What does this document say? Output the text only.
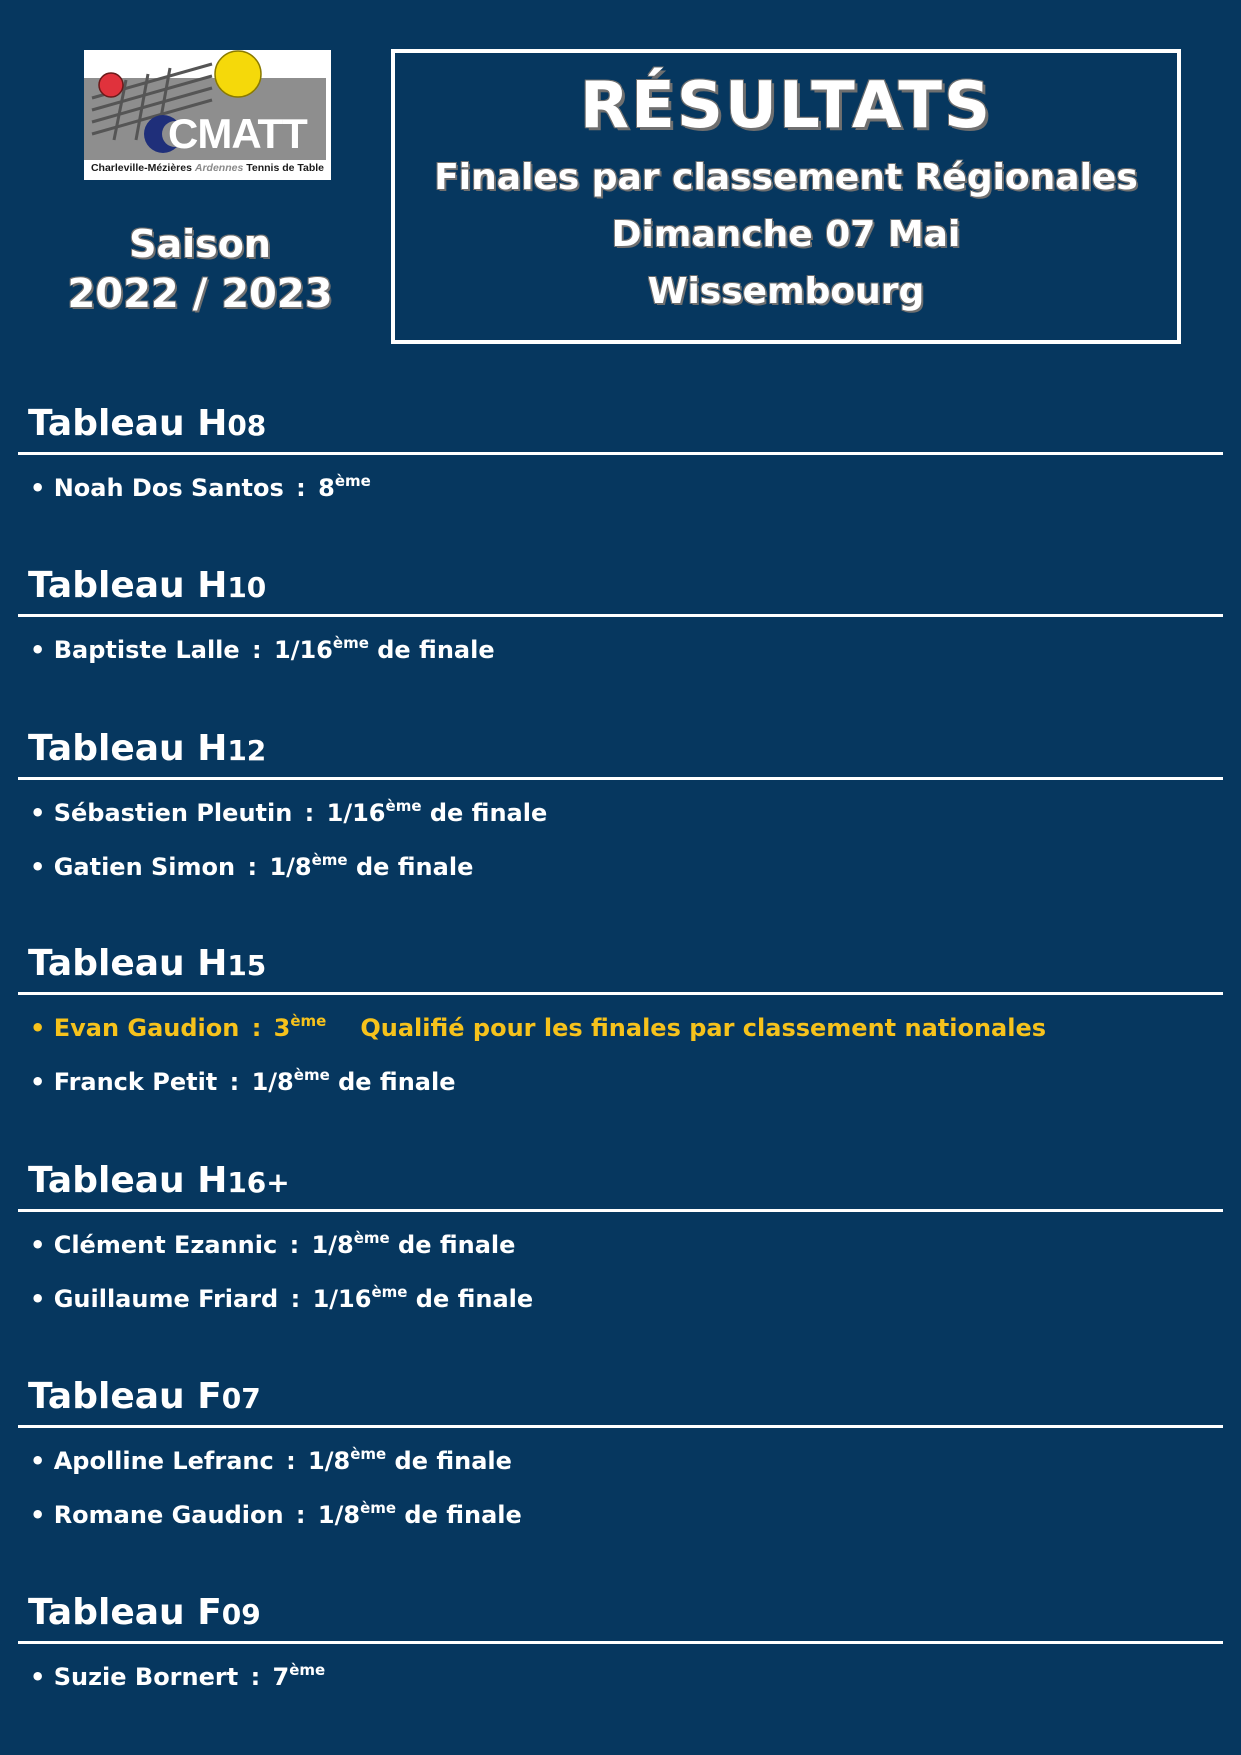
CMATT
Charleville-Mézières Ardennes Tennis de Table
Saison
2022 / 2023
RÉSULTATS
Finales par classement Régionales
Dimanche 07 Mai
Wissembourg
Tableau H08
• Noah Dos Santos : 8ème
Tableau H10
• Baptiste Lalle : 1/16ème de finale
Tableau H12
• Sébastien Pleutin : 1/16ème de finale
• Gatien Simon : 1/8ème de finale
Tableau H15
• Evan Gaudion : 3ème Qualifié pour les finales par classement nationales
• Franck Petit : 1/8ème de finale
Tableau H16+
• Clément Ezannic : 1/8ème de finale
• Guillaume Friard : 1/16ème de finale
Tableau F07
• Apolline Lefranc : 1/8ème de finale
• Romane Gaudion : 1/8ème de finale
Tableau F09
• Suzie Bornert : 7ème
